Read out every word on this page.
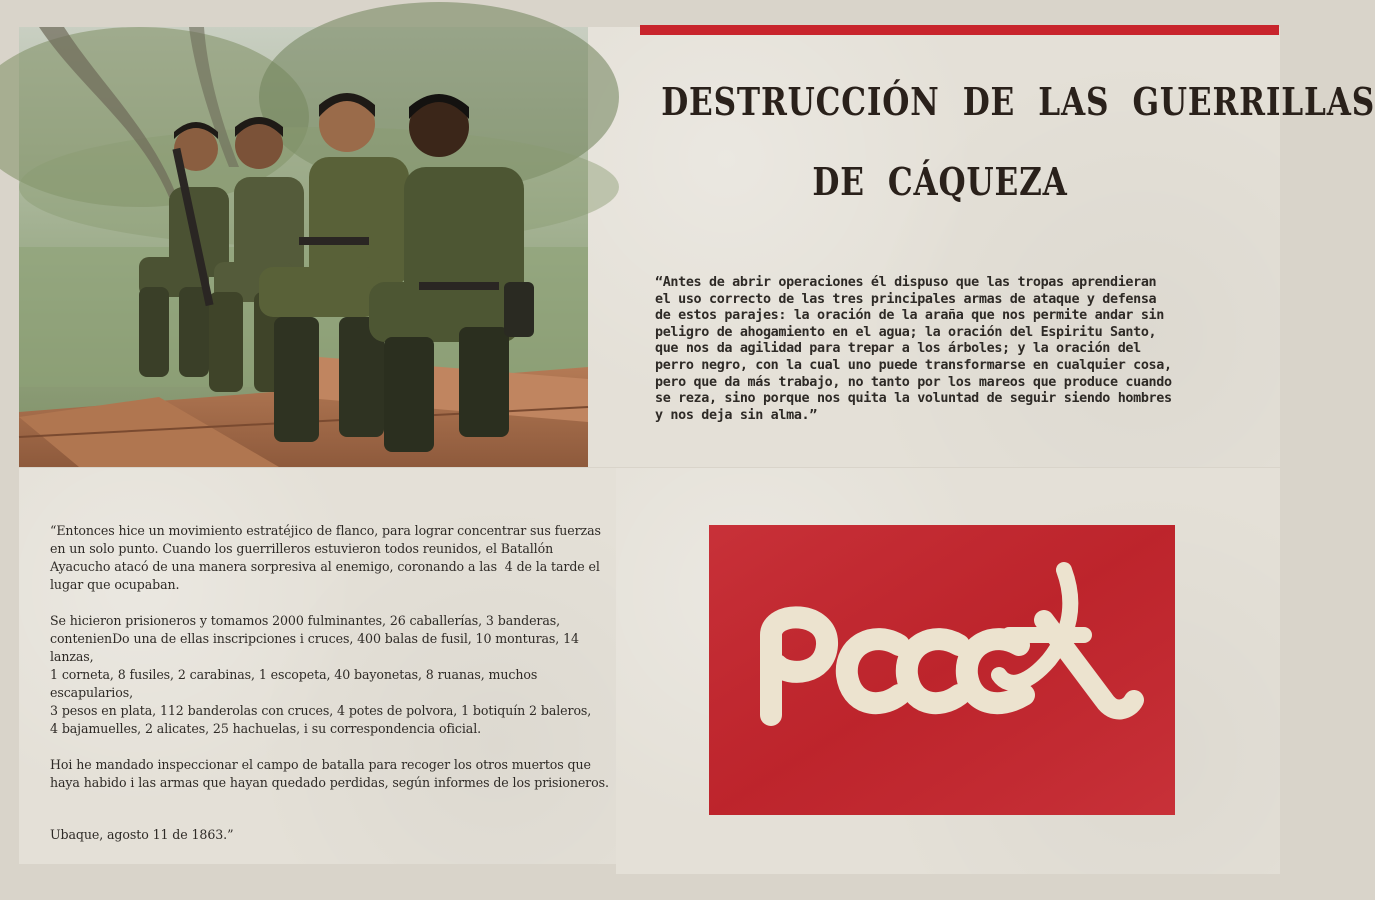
DESTRUCCIÓN DE LAS GUERRILLAS
DE CÁQUEZA
“Antes de abrir operaciones él dispuso que las tropas aprendieran
el uso correcto de las tres principales armas de ataque y defensa
de estos parajes: la oración de la araña que nos permite andar sin
peligro de ahogamiento en el agua; la oración del Espiritu Santo,
que nos da agilidad para trepar a los árboles; y la oración del
perro negro, con la cual uno puede transformarse en cualquier cosa,
pero que da más trabajo, no tanto por los mareos que produce cuando
se reza, sino porque nos quita la voluntad de seguir siendo hombres
y nos deja sin alma.”

“Entonces hice un movimiento estratéjico de flanco, para lograr concentrar sus fuerzas
en un solo punto. Cuando los guerrilleros estuvieron todos reunidos, el Batallón
Ayacucho atacó de una manera sorpresiva al enemigo, coronando a las  4 de la tarde el
lugar que ocupaban.

Se hicieron prisioneros y tomamos 2000 fulminantes, 26 caballerías, 3 banderas,
contenienDo una de ellas inscripciones i cruces, 400 balas de fusil, 10 monturas, 14
lanzas,
1 corneta, 8 fusiles, 2 carabinas, 1 escopeta, 40 bayonetas, 8 ruanas, muchos escapularios,
3 pesos en plata, 112 banderolas con cruces, 4 potes de polvora, 1 botiquín 2 baleros,
4 bajamuelles, 2 alicates, 25 hachuelas, i su correspondencia oficial.

Hoi he mandado inspeccionar el campo de batalla para recoger los otros muertos que
haya habido i las armas que hayan quedado perdidas, según informes de los prisioneros.

Ubaque, agosto 11 de 1863.”
